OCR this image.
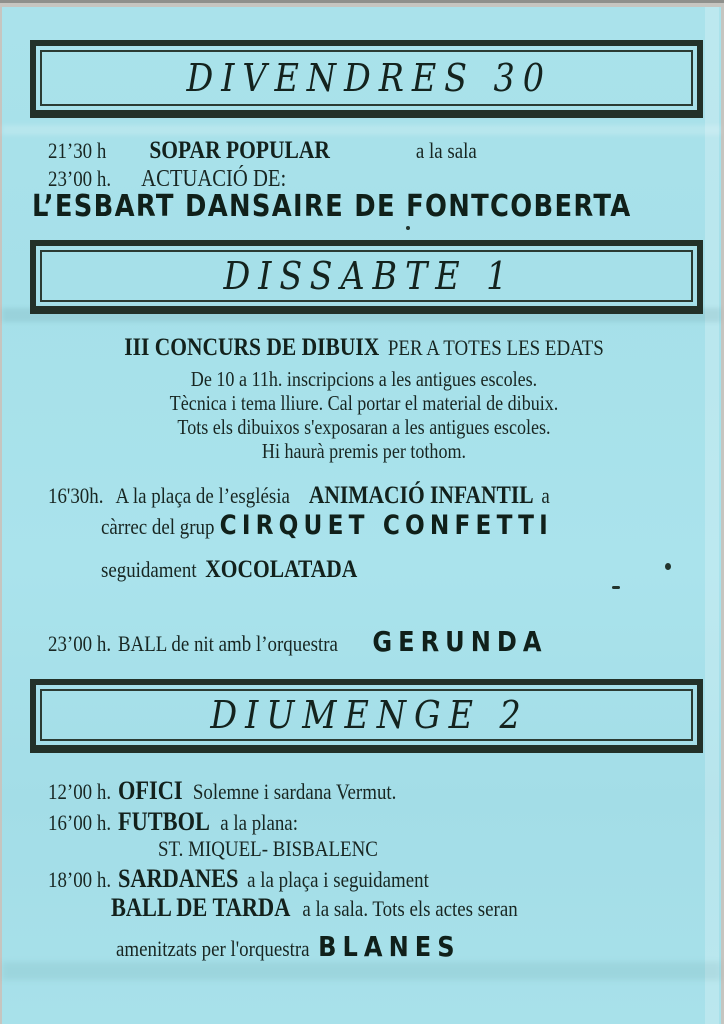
DIVENDRES 30
21’30 h SOPAR POPULAR	a la sala
23’00 h. ACTUACIÓ DE:
L’ESBART DANSAIRE DE FONTCOBERTA
DISSABTE 1
III CONCURS DE DIBUIX PER A TOTES LES EDATS
De 10 a 11h. inscripcions a les antigues escoles.
Tècnica i tema lliure. Cal portar el material de dibuix.
Tots els dibuixos s'exposaran a les antigues escoles.
Hi haurà premis per tothom.
16'30h. A la plaça de l’església ANIMACIÓ INFANTIL a
càrrec del grup CIRQUET CONFETTI
seguidament XOCOLATADA
23’00 h. BALL de nit amb l’orquestra GERUNDA
DIUMENGE 2
12’00 h. OFICI Solemne i sardana Vermut.
16’00 h. FUTBOL a la plana:
ST. MIQUEL- BISBALENC
18’00 h. SARDANES a la plaça i seguidament
BALL DE TARDA a la sala. Tots els actes seran
amenitzats per l'orquestra BLANES
